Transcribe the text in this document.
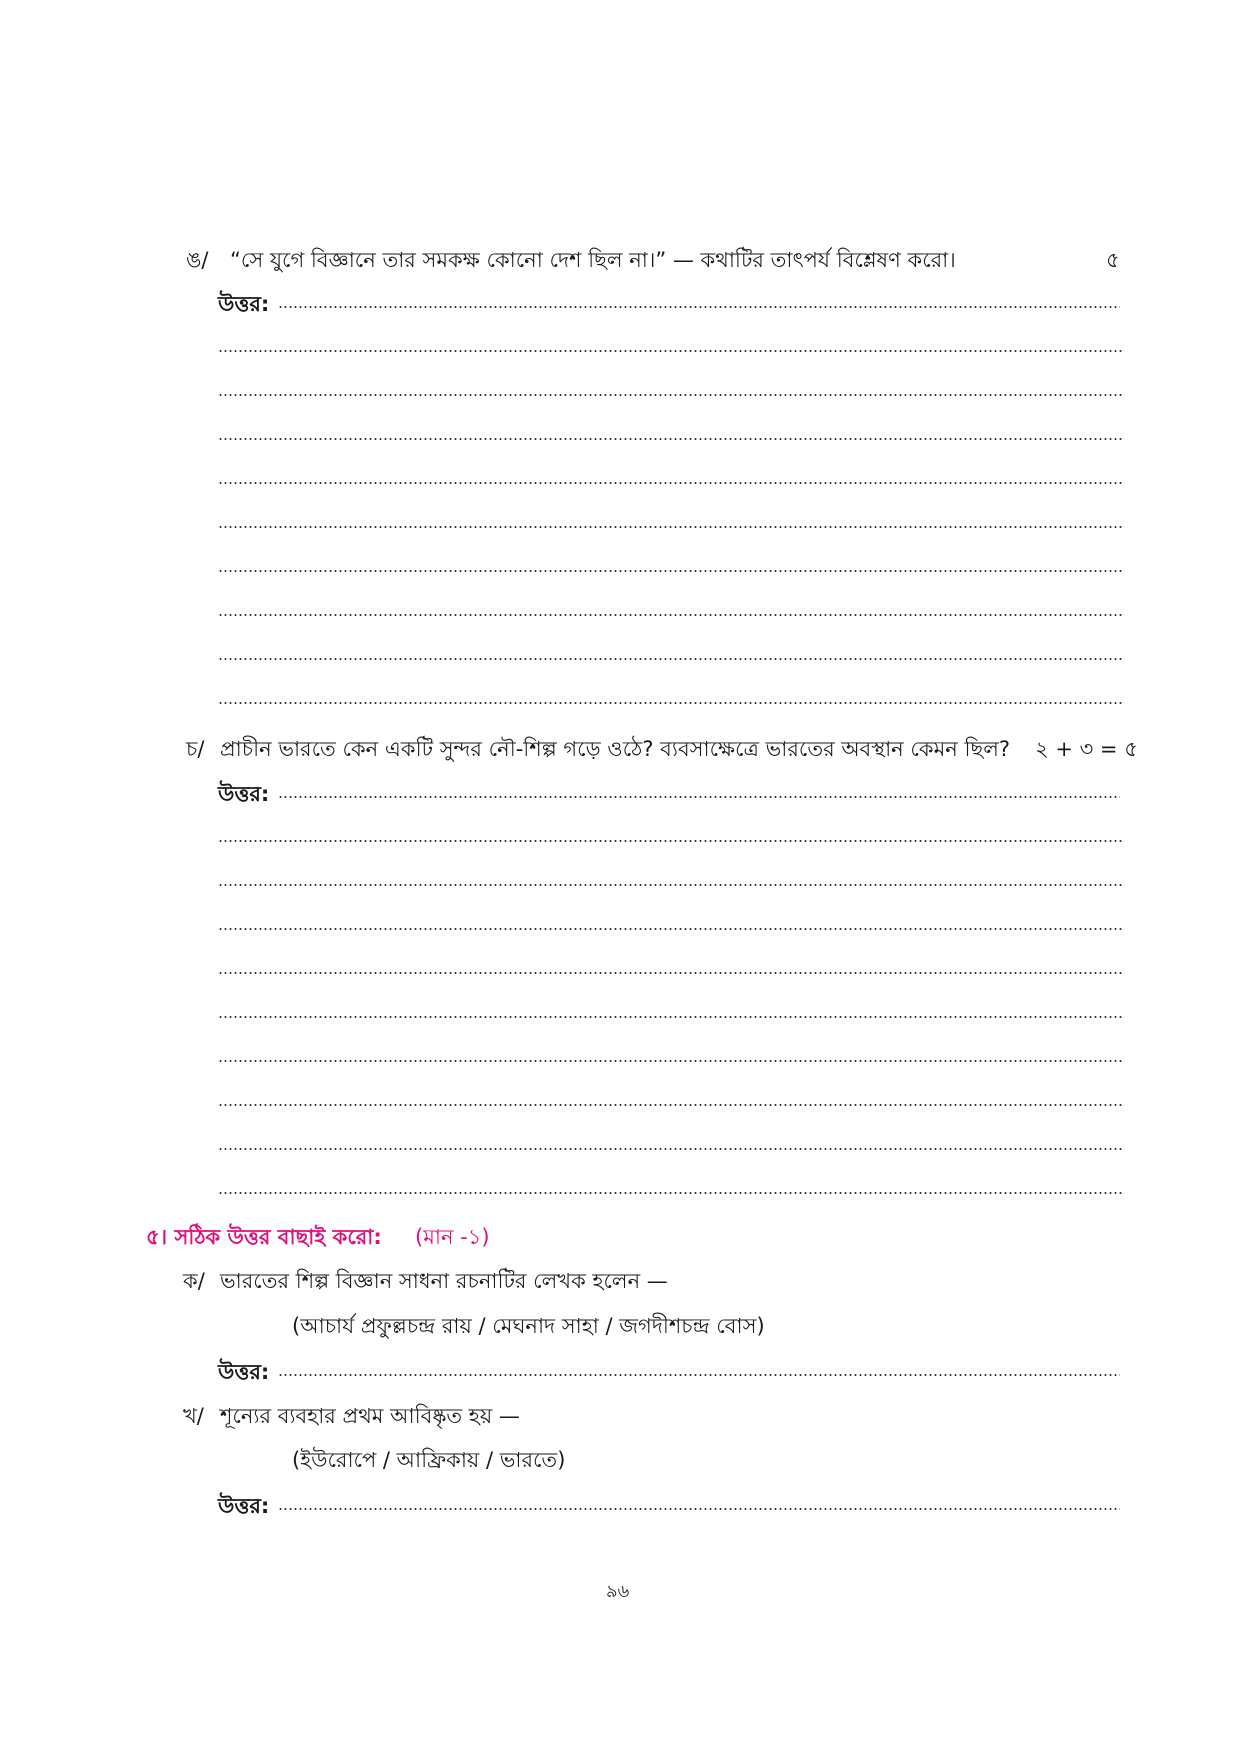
ঙ/ “সে যুগে বিজ্ঞানে তার সমকক্ষ কোনো দেশ ছিল না।” — কথাটির তাৎপর্য বিশ্লেষণ করো।	৫
উত্তর:
চ/ প্রাচীন ভারতে কেন একটি সুন্দর নৌ-শিল্প গড়ে ওঠে? ব্যবসাক্ষেত্রে ভারতের অবস্থান কেমন ছিল? ২ + ৩ = ৫
উত্তর:
৫। সঠিক উত্তর বাছাই করো: (মান -১)
ক/ ভারতের শিল্প বিজ্ঞান সাধনা রচনাটির লেখক হলেন —
(আচার্য প্রফুল্লচন্দ্র রায় / মেঘনাদ সাহা / জগদীশচন্দ্র বোস)
উত্তর:
খ/ শূন্যের ব্যবহার প্রথম আবিষ্কৃত হয় —
(ইউরোপে / আফ্রিকায় / ভারতে)
উত্তর:
৯৬
